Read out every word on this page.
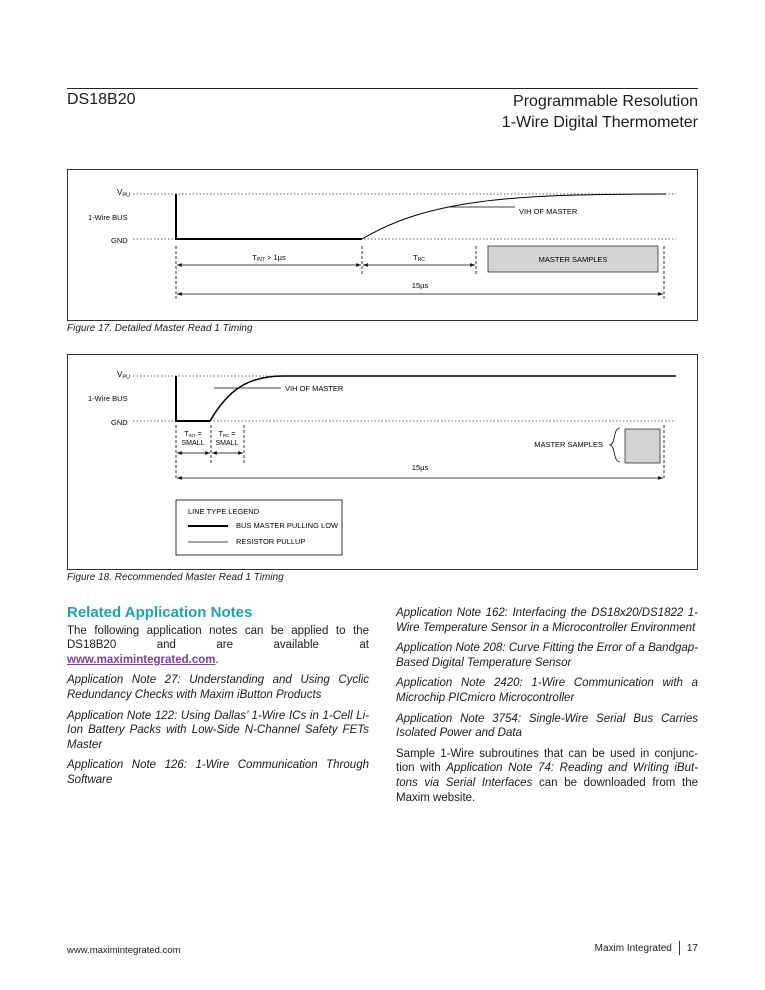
DS18B20	Programmable Resolution
1-Wire Digital Thermometer
VPU
1-Wire BUS
GND
VIH OF MASTER
TINT > 1µs	TRC	MASTER SAMPLES
15µs
Figure 17. Detailed Master Read 1 Timing
VPU
1-Wire BUS
GND
VIH OF MASTER
TINT =
SMALL
TRC =
SMALL	MASTER SAMPLES
15µs
LINE TYPE LEGEND
BUS MASTER PULLING LOW
RESISTOR PULLUP
Figure 18. Recommended Master Read 1 Timing
Related Application Notes

The following application notes can be applied to the DS18B20 and are available at www.maximintegrated.com.

Application Note 27: Understanding and Using Cyclic Redundancy Checks with Maxim iButton Products

Application Note 122: Using Dallas’ 1-Wire ICs in 1-Cell Li-Ion Battery Packs with Low-Side N-Channel Safety FETs Master

Application Note 126: 1-Wire Communication Through Software

Application Note 162: Interfacing the DS18x20/DS1822 1-Wire Temperature Sensor in a Microcontroller Environment

Application Note 208: Curve Fitting the Error of a Bandgap-Based Digital Temperature Sensor

Application Note 2420: 1-Wire Communication with a Microchip PICmicro Microcontroller

Application Note 3754: Single-Wire Serial Bus Carries Isolated Power and Data

Sample 1-Wire subroutines that can be used in conjunc- tion with Application Note 74: Reading and Writing iBut- tons via Serial Interfaces can be downloaded from the Maxim website.

www.maximintegrated.com	Maxim Integrated 17
